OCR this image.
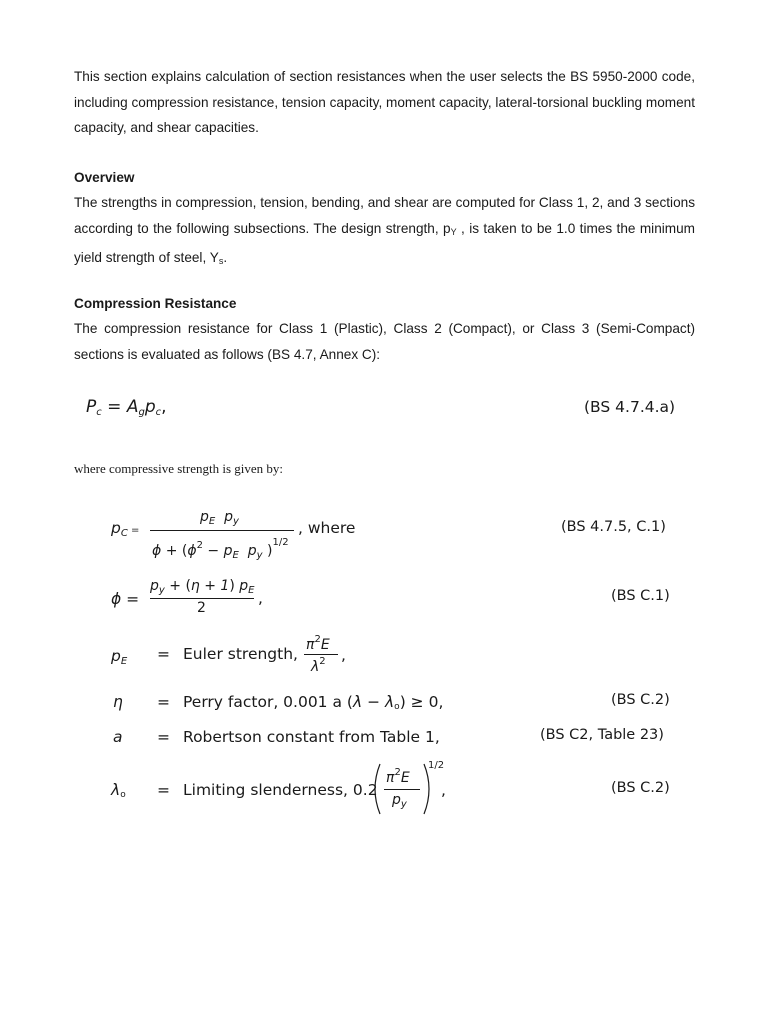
This section explains calculation of section resistances when the user selects the BS 5950-2000 code, including compression resistance, tension capacity, moment capacity, lateral-torsional buckling moment capacity, and shear capacities.
Overview
The strengths in compression, tension, bending, and shear are computed for Class 1, 2, and 3 sections according to the following subsections. The design strength, pY , is taken to be 1.0 times the minimum yield strength of steel, Ys.
Compression Resistance
The compression resistance for Class 1 (Plastic), Class 2 (Compact), or Class 3 (Semi-Compact) sections is evaluated as follows (BS 4.7, Annex C):
$P_c = A_gp_c$,	(BS 4.7.4.a)
where compressive strength is given by:
$p_C$ =
$p_E$ $p_y$
$\phi + (\phi^2 - p_E$ $p_y$ )$^{1/2}$
, where	(BS 4.7.5, C.1)
ϕ =
$p_y + (\eta + 1)$ $p_E$
2
,	(BS C.1)
$p_E$ = Euler strength, $\pi^2E$
$\lambda^2$ ,
η = Perry factor, 0.001 a (λ − λo) ≥ 0,	(BS C.2)
a = Robertson constant from Table 1,	(BS C2, Table 23)
λo = Limiting slenderness, 0.2
$\pi^2E$
$p_y$
1/2
,	(BS C.2)
